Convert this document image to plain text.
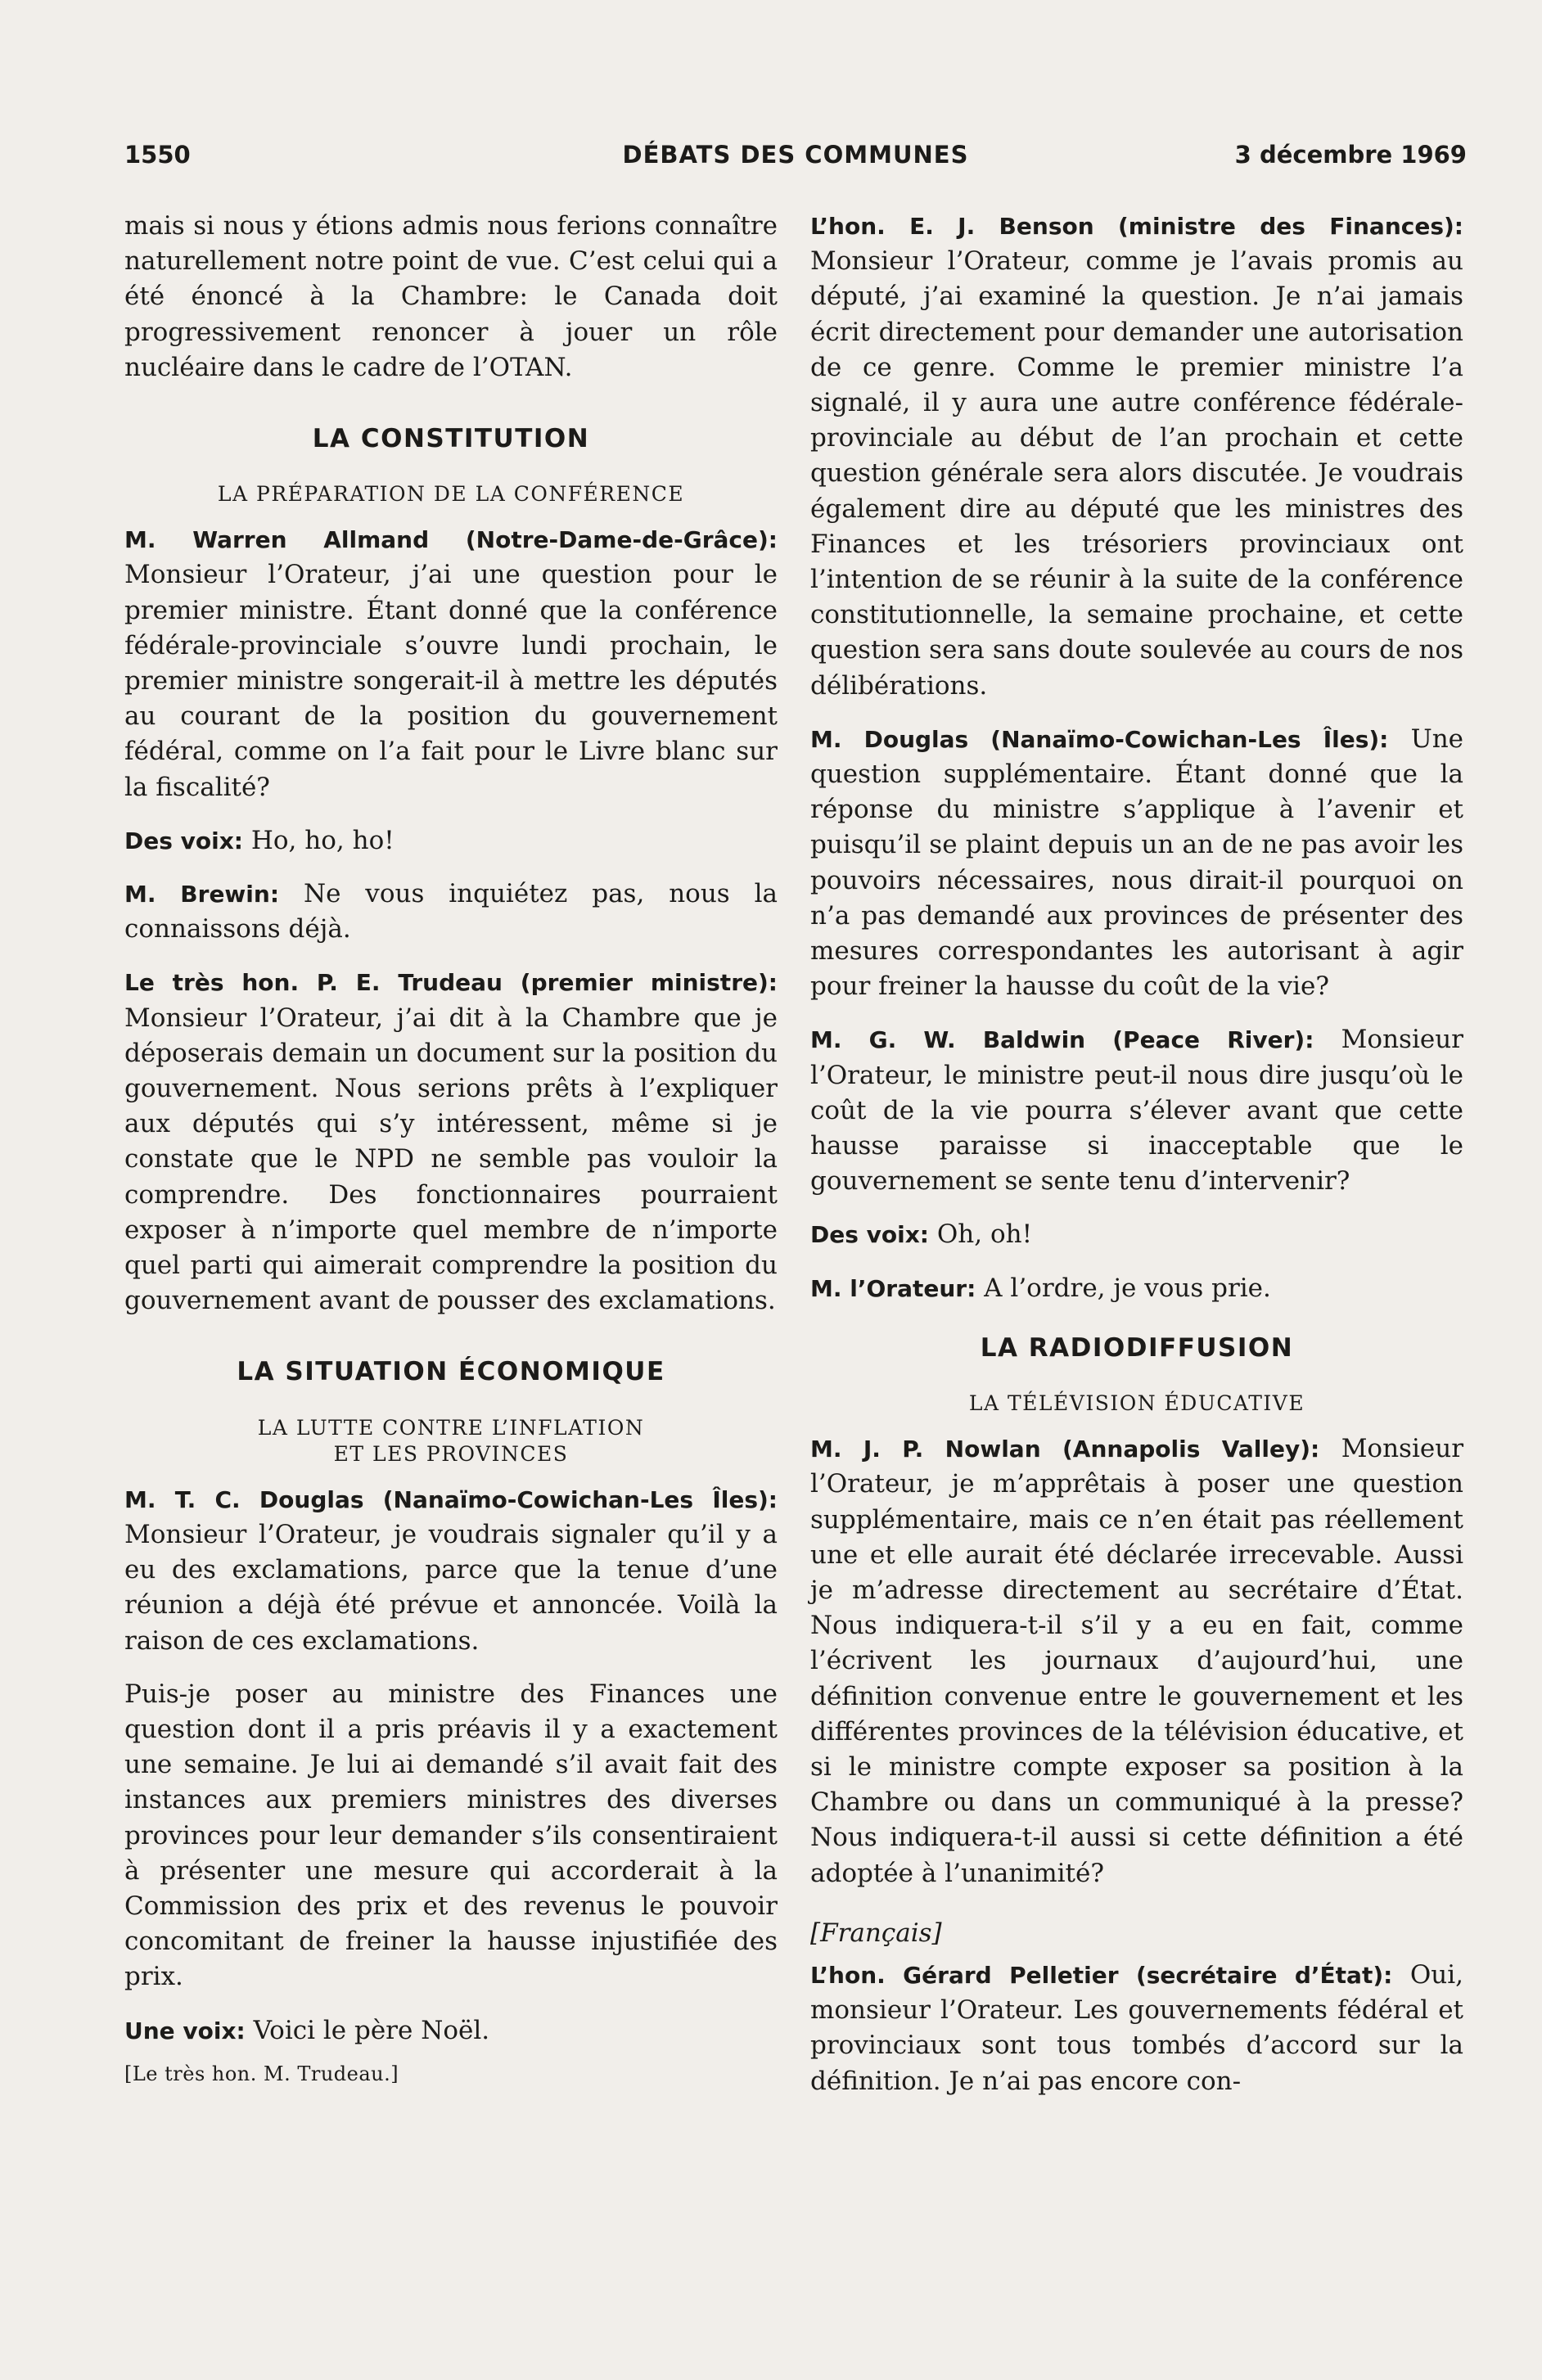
1550	DÉBATS DES COMMUNES	3 décembre 1969

mais si nous y étions admis nous ferions connaître naturellement notre point de vue. C’est celui qui a été énoncé à la Chambre: le Canada doit progressivement renoncer à jouer un rôle nucléaire dans le cadre de l’OTAN.

LA CONSTITUTION
LA PRÉPARATION DE LA CONFÉRENCE

M. Warren Allmand (Notre-Dame-de-Grâce): Monsieur l’Orateur, j’ai une question pour le premier ministre. Étant donné que la conférence fédérale-provinciale s’ouvre lundi prochain, le premier ministre songerait-il à mettre les députés au courant de la position du gouvernement fédéral, comme on l’a fait pour le Livre blanc sur la fiscalité?

Des voix: Ho, ho, ho!

M. Brewin: Ne vous inquiétez pas, nous la connaissons déjà.

Le très hon. P. E. Trudeau (premier ministre): Monsieur l’Orateur, j’ai dit à la Chambre que je déposerais demain un document sur la position du gouvernement. Nous serions prêts à l’expliquer aux députés qui s’y intéressent, même si je constate que le NPD ne semble pas vouloir la comprendre. Des fonctionnaires pourraient exposer à n’importe quel membre de n’importe quel parti qui aimerait comprendre la position du gouvernement avant de pousser des exclamations.

LA SITUATION ÉCONOMIQUE
LA LUTTE CONTRE L’INFLATION
ET LES PROVINCES

M. T. C. Douglas (Nanaïmo-Cowichan-Les Îles): Monsieur l’Orateur, je voudrais signaler qu’il y a eu des exclamations, parce que la tenue d’une réunion a déjà été prévue et annoncée. Voilà la raison de ces exclamations.

Puis-je poser au ministre des Finances une question dont il a pris préavis il y a exactement une semaine. Je lui ai demandé s’il avait fait des instances aux premiers ministres des diverses provinces pour leur demander s’ils consentiraient à présenter une mesure qui accorderait à la Commission des prix et des revenus le pouvoir concomitant de freiner la hausse injustifiée des prix.

Une voix: Voici le père Noël.

[Le très hon. M. Trudeau.]

L’hon. E. J. Benson (ministre des Finances): Monsieur l’Orateur, comme je l’avais promis au député, j’ai examiné la question. Je n’ai jamais écrit directement pour demander une autorisation de ce genre. Comme le premier ministre l’a signalé, il y aura une autre conférence fédérale-provinciale au début de l’an prochain et cette question générale sera alors discutée. Je voudrais également dire au député que les ministres des Finances et les trésoriers provinciaux ont l’intention de se réunir à la suite de la conférence constitutionnelle, la semaine prochaine, et cette question sera sans doute soulevée au cours de nos délibérations.

M. Douglas (Nanaïmo-Cowichan-Les Îles): Une question supplémentaire. Étant donné que la réponse du ministre s’applique à l’avenir et puisqu’il se plaint depuis un an de ne pas avoir les pouvoirs nécessaires, nous dirait-il pourquoi on n’a pas demandé aux provinces de présenter des mesures correspondantes les autorisant à agir pour freiner la hausse du coût de la vie?

M. G. W. Baldwin (Peace River): Monsieur l’Orateur, le ministre peut-il nous dire jusqu’où le coût de la vie pourra s’élever avant que cette hausse paraisse si inacceptable que le gouvernement se sente tenu d’intervenir?

Des voix: Oh, oh!

M. l’Orateur: A l’ordre, je vous prie.

LA RADIODIFFUSION
LA TÉLÉVISION ÉDUCATIVE

M. J. P. Nowlan (Annapolis Valley): Monsieur l’Orateur, je m’apprêtais à poser une question supplémentaire, mais ce n’en était pas réellement une et elle aurait été déclarée irrecevable. Aussi je m’adresse directement au secrétaire d’État. Nous indiquera-t-il s’il y a eu en fait, comme l’écrivent les journaux d’aujourd’hui, une définition convenue entre le gouvernement et les différentes provinces de la télévision éducative, et si le ministre compte exposer sa position à la Chambre ou dans un communiqué à la presse? Nous indiquera-t-il aussi si cette définition a été adoptée à l’unanimité?

[Français]

L’hon. Gérard Pelletier (secrétaire d’État): Oui, monsieur l’Orateur. Les gouvernements fédéral et provinciaux sont tous tombés d’accord sur la définition. Je n’ai pas encore con-
